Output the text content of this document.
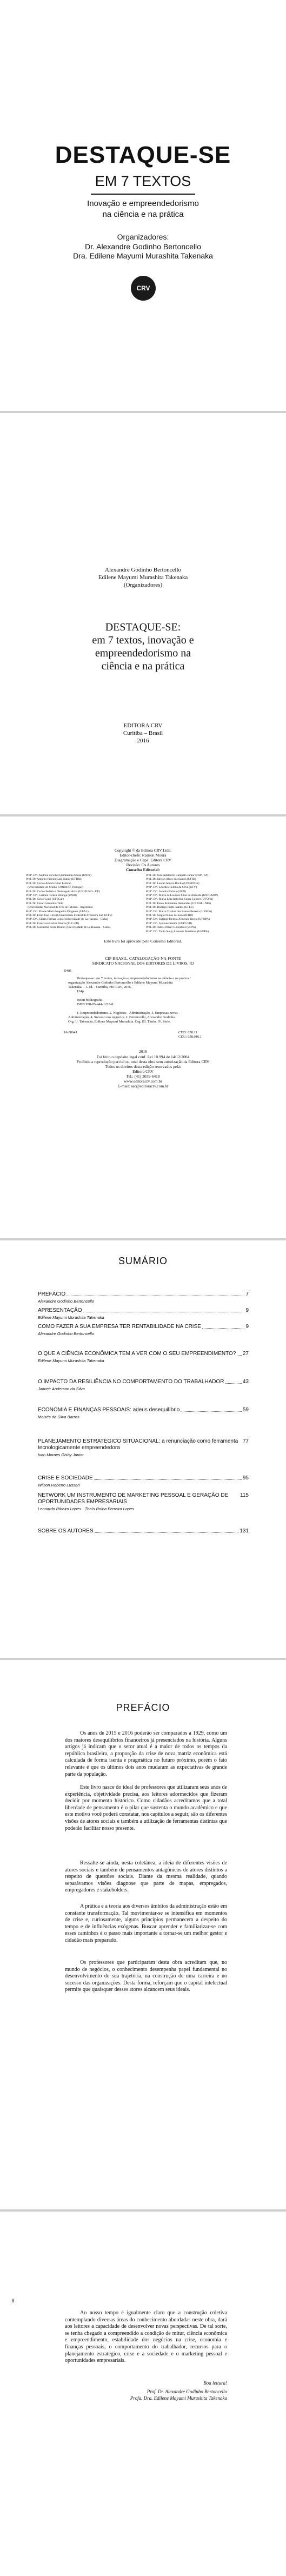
DESTAQUE-SE
EM 7 TEXTOS
Inovação e empreendedorismo
na ciência e na prática
Organizadores:
Dr. Alexandre Godinho Bertoncello
Dra. Edilene Mayumi Murashita Takenaka
CRV
Alexandre Godinho Bertoncello
Edilene Mayumi Murashita Takenaka
(Organizadores)
DESTAQUE-SE:
em 7 textos, inovação e
empreendedorismo na
ciência e na prática
EDITORA CRV
Curitiba – Brasil
2016
Copyright © da Editora CRV Ltda.
Editor-chefe: Railson Moura
Diagramação e Capa: Editora CRV
Revisão: Os Autores
Conselho Editorial:
Profª. Drª. Andréia da Silva Quintanilha Sousa (UNIR)
Prof. Dr. Antônio Pereira Gaio Júnior (UFRRJ)
Prof. Dr. Carlos Alberto Vilar Estêvão
- (Universidade do Minho, UMINHO, Portugal)
Prof. Dr. Carlos Federico Dominguez Avila (UNIEURO - DF)
Profª. Drª. Carmen Tereza Velanga (UNIR)
Prof. Dr. Celso Conti (UFSCar)
Prof. Dr. Cesar Gerónimo Tello
- (Universidad Nacional de Três de Febrero - Argentina)
Profª. Drª. Elione Maria Nogueira Diogenes (UFAL)
Prof. Dr. Élsio José Corá (Universidade Federal da Fronteira Sul, UFFS)
Profª. Drª. Gloria Fariñas León (Universidade de La Havana – Cuba)
Prof. Dr. Francisco Carlos Duarte (PUC-PR)
Prof. Dr. Guillermo Arias Beatón (Universidade de La Havana – Cuba)
Prof. Dr. João Adalberto Campato Junior (FAP - SP)
Prof. Dr. Jailson Alves dos Santos (UFRJ)
Prof. Dr. Leonel Severo Rocha (UNISINOS)
Profª. Drª. Lourdes Helena da Silva (UFV)
Profª. Drª. Josania Portela (UFPI)
Profª. Drª. Maria de Lourdes Pinto de Almeida (UNICAMP)
Profª. Drª. Maria Lília Imbiriba Sousa Colares (UFOPA)
Prof. Dr. Paulo Romualdo Hernandes (UNIFAL - MG)
Prof. Dr. Rodrigo Pratte-Santos (UFES)
Profª. Drª. Maria Cristina dos Santos Bezerra (UFSCar)
Prof. Dr. Sérgio Nunes de Jesus (IFRO)
Profª. Drª. Solange Helena Ximenes-Rocha (UFOPA)
Profª. Drª. Sydione Santos (UEPG PR)
Prof. Dr. Tadeu Oliver Gonçalves (UFPA)
Profª. Drª. Tania Suely Azevedo Brasileiro (UFOPA)
Este livro foi aprovado pelo Conselho Editorial.
CIP-BRASIL. CATALOGAÇÃO-NA-FONTE
SINDICATO NACIONAL DOS EDITORES DE LIVROS, RJ
D481
Destaque-se: em 7 textos, inovação e empreendedorismo na ciência e na prática /
organização Alexandre Godinho Bertoncello e Edilene Mayumi Murashita
Takenaka. - 1. ed. - Curitiba, PR: CRV, 2016.
134p.
Inclui bibliografia
ISBN 978-85-444-1223-8
1. Empreendedorismo. 2. Negócios - Administração. 3. Empresas novas -
Administração. 4. Sucesso nos negócios. I. Bertoncello, Alexandre Godinho.
Org. II. Takenaka, Edilene Mayumi Murashita. Org. III. Título. IV. Série.
16-38641	CDD: 658.11
CDU: 658.016.1
2016
Foi feito o depósito legal conf. Lei 10.994 de 14/12/2004
Proibida a reprodução parcial ou total desta obra sem autorização da Editora CRV
Todos os direitos desta edição reservados pela:
Editora CRV
Tel.: (41) 3039-6418
www.editoracrv.com.br
E-mail: sac@editoracrv.com.br
SUMÁRIO
PREFÁCIO	7
Alexandre Godinho Bertoncello
APRESENTAÇÃO	9
Edilene Mayumi Murashita Takenaka
COMO FAZER A SUA EMPRESA TER RENTABILIDADE NA CRISE	9
Alexandre Godinho Bertoncello
O QUE A CIÊNCIA ECONÔMICA TEM A VER COM O SEU EMPREENDIMENTO? 27
Edilene Mayumi Murashita Takenaka
O IMPACTO DA RESILIÊNCIA NO COMPORTAMENTO DO TRABALHADOR	43
Jaimeir Anderson da Silva
ECONOMIA E FINANÇAS PESSOAIS: adeus desequilíbrio	59
Moisés da Silva Barros
PLANEJAMENTO ESTRATÉGICO SITUACIONAL: a renunciação como ferramenta tecnologicamente empreendedora
77
Ivan Moraes Gisby Junior
CRISE E SOCIEDADE	95
Wilson Roberto Lussari
NETWORK UM INSTRUMENTO DE MARKETING PESSOAL E GERAÇÃO DE OPORTUNIDADES EMPRESARIAIS
115
Leonardo Ribeiro Lopes · Thaís Rolba Ferreira Lopes
SOBRE OS AUTORES	131
PREFÁCIO
Os anos de 2015 e 2016 poderão ser comparados a 1929, como um dos maiores desequilíbrios financeiros já presenciados na história. Alguns artigos já indicam que o setor atual é a maior de todos os tempos da república brasileira, a proporção da crise de nova matriz econômica está calculada de forma isenta e pragmática no futuro próximo, porém o fato relevante é que os últimos dois anos mudaram as expectativas de grande parte da população.
Este livro nasce do ideal de professores que utilizaram seus anos de experiência, objetividade precisa, aos leitores adormecidos que fizeram decidir por momento histórico. Como cidadãos acreditamos que a total liberdade de pensamento é o pilar que sustenta o mundo acadêmico e que este motivo você poderá constatar, nos capítulos a seguir, são os diferentes visões de atores sociais e também a utilização de ferramentas distintas que poderão facilitar nosso presente.
Ressalte-se ainda, nesta coletânea, a ideia de diferentes visões de atores sociais e também de pensamentos antagônicos de atores distintos a respeito de questões sociais. Diante da mesma realidade, quando separávamos visões diagnose que parte de mapas, empregados, empregadores e stakeholders.
A prática e a teoria aos diversos âmbitos da administração estão em constante transformação. Tal movimentar-se se intensifica em momentos de crise e, curiosamente, alguns princípios permanecem a despeito do tempo e de influências exógenas. Buscar aprender e familiarizar-se com esses caminhos é o passo mais importante a tornar-se um melhor gestor e cidadão mais preparado.
Os professores que participaram desta obra acreditam que, no mundo de negócios, o conhecimento desempenha papel fundamental no desenvolvimento de sua trajetória, na construção de uma carreira e no sucesso das organizações. Desta forma, reforçam que o capital intelectual permite que quaisquer desses atores alcancem seus ideais.
8
Ao nosso tempo é igualmente claro que a construção coletiva contemplando diversas áreas do conhecimento abordadas neste obra, dará aos leitores a capacidade de desenvolver novas perspectivas. De tal sorte, se tenha chegado a compreendido a condição de mitur, ciência econômica e empreendimento, estabilidade dos negócios na crise, economia e finanças pessoais, o comportamento do trabalhador, recursos para o planejamento estratégico, crise e a sociedade e o marketing pessoal e oportunidades empresariais.
Boa leitura!
Prof. Dr. Alexandre Godinho Bertoncello
Profa. Dra. Edilene Mayumi Murashita Takenaka
